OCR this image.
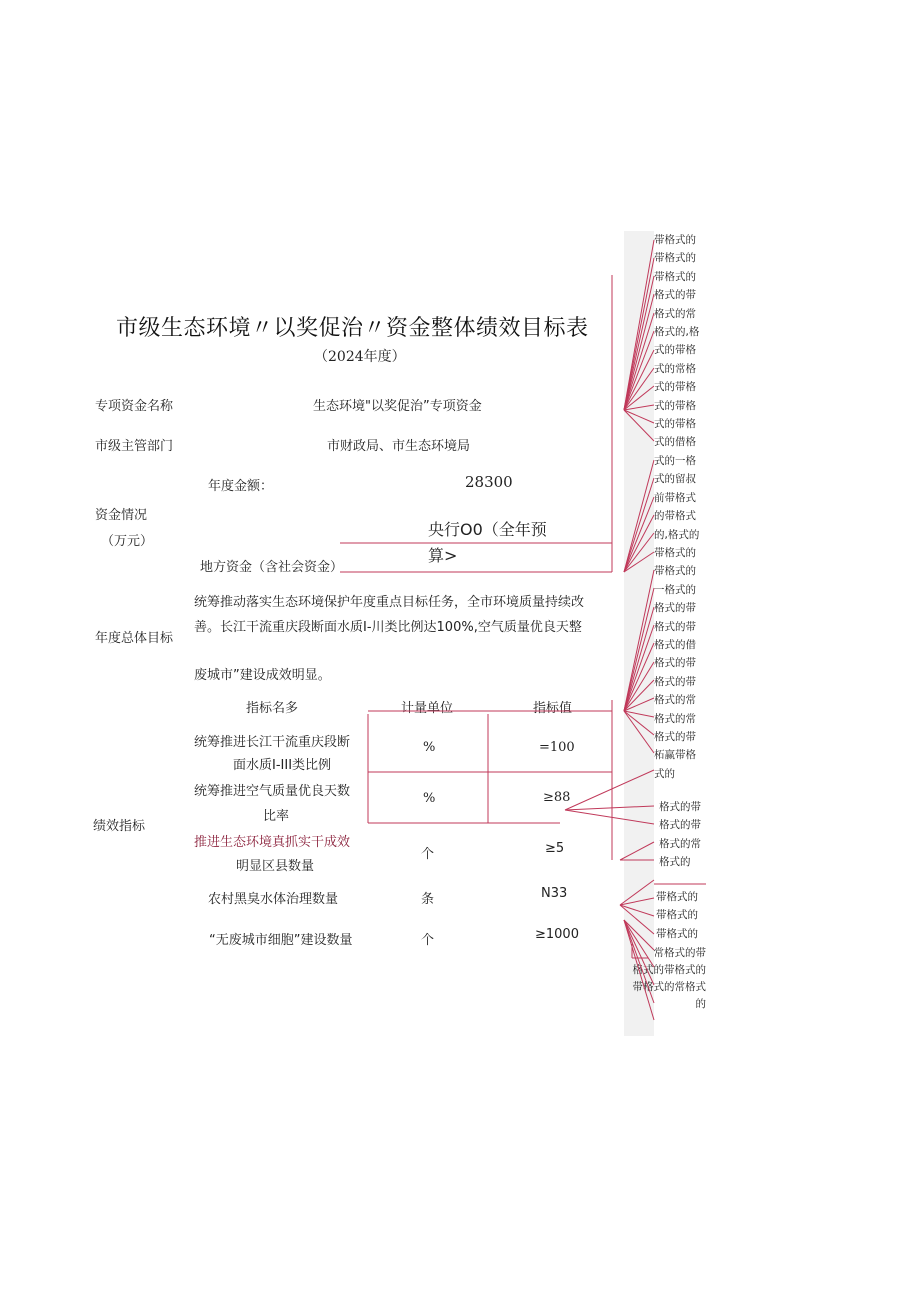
市级生态环境〃以奖促治〃资金整体绩效目标表
（2024年度）
专项资金名称	生态环境"以奖促治”专项资金
市级主管部门	市财政局、市生态环境局
年度金额：	28300
资金情况
（万元）
央行O0（全年预
算>
地方资金（含社会资金）
统筹推动落实生态环境保护年度重点目标任务，全市环境质量持续改
年度总体目标
善。长江干流重庆段断面水质I-川类比例达100%,空气质量优良天整
废城市”建设成效明显。
指标名多	计量单位	指标值
绩效指标
统筹推进长江干流重庆段断
面水质I-III类比例
%	=100
统筹推进空气质量优良天数
比率
%	≥88
推进生态环境真抓实干成效
明显区县数量
个	≥5
农村黑臭水体治理数量	条	N33
“无废城市细胞”建设数量	个	≥1000
带格式的
带格式的
带格式的
格式的带
格式的常
格式的,格
式的带格
式的常格
式的带格
式的带格
式的带格
式的借格
式的一格
式的留叔
前带格式
的带格式
的,格式的
带格式的
带格式的
一格式的
格式的带
格式的带
格式的借
格式的带
格式的带
格式的常
格式的常
格式的带
柘赢带格
式的
格式的带
格式的带
格式的常
格式的
带格式的
带格式的
带格式的
常格式的带
格式的带格式的
带格式的常格式
的
